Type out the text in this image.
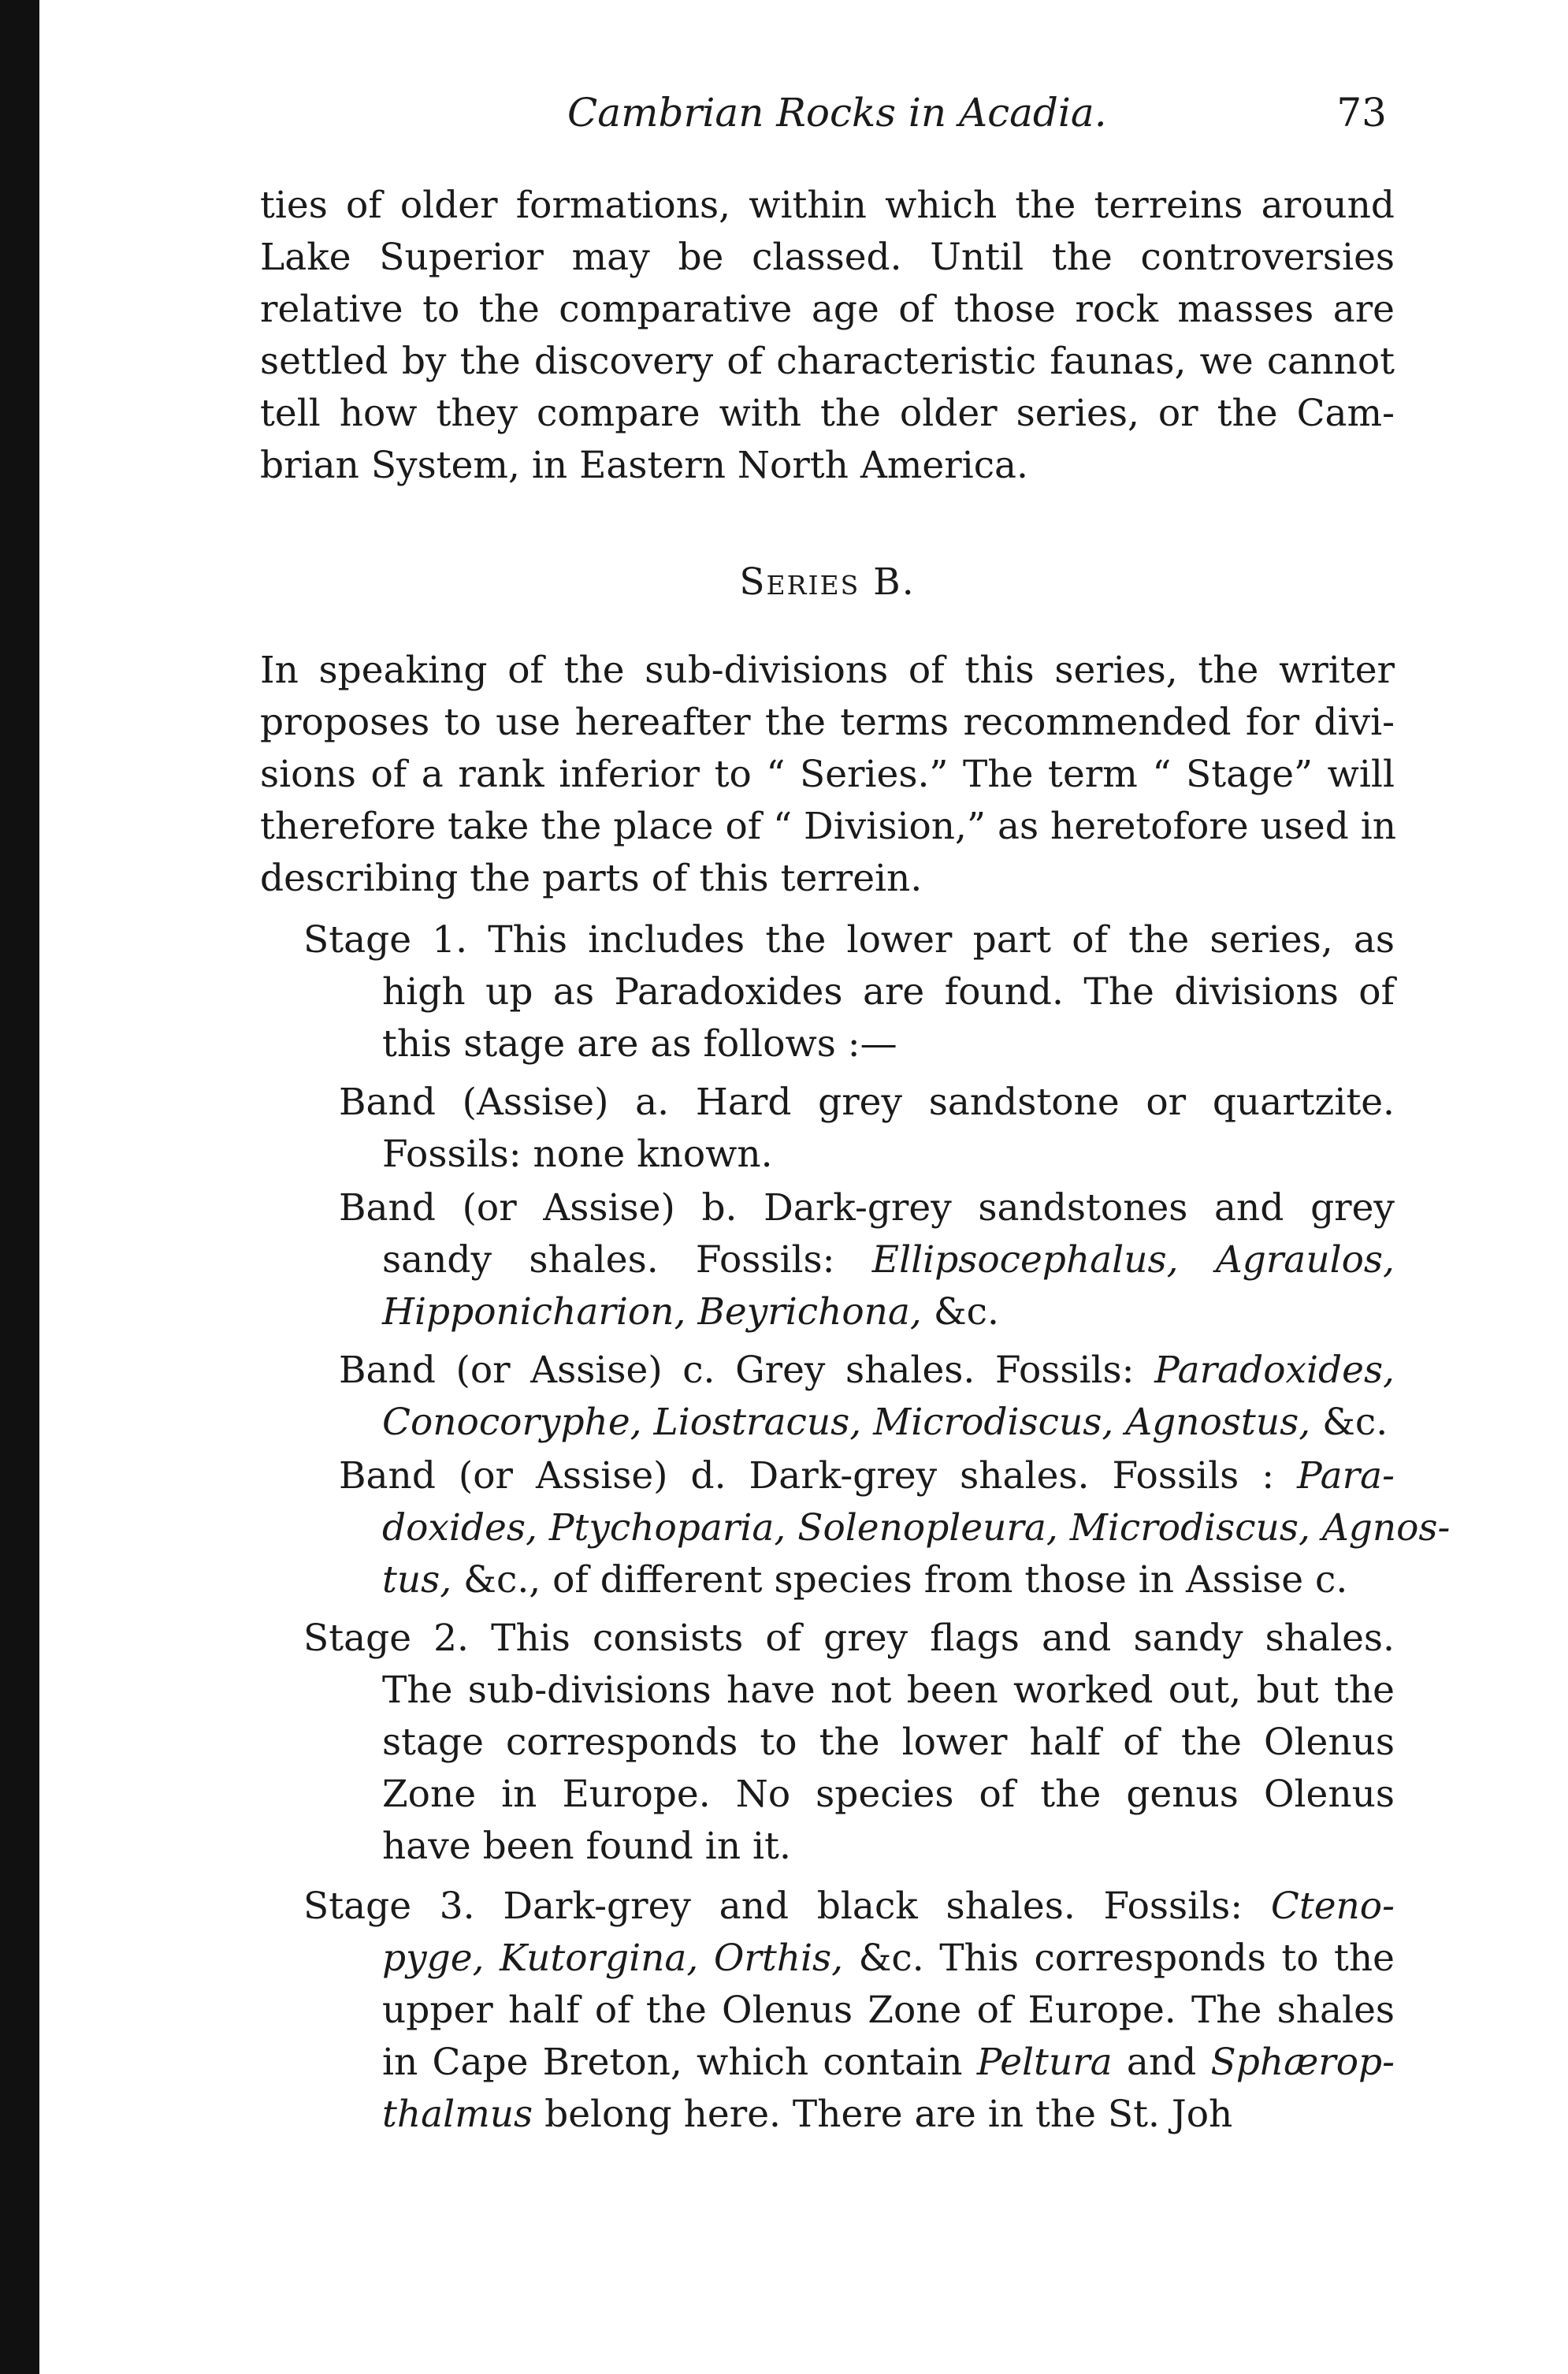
Cambrian Rocks in Acadia.	73
ties of older formations, within which the terreins around
Lake Superior may be classed. Until the controversies
relative to the comparative age of those rock masses are
settled by the discovery of characteristic faunas, we cannot
tell how they compare with the older series, or the Cam-
brian System, in Eastern North America.
Series B.
In speaking of the sub-divisions of this series, the writer
proposes to use hereafter the terms recommended for divi-
sions of a rank inferior to “ Series.” The term “ Stage” will
therefore take the place of “ Division,” as heretofore used in
describing the parts of this terrein.
Stage 1. This includes the lower part of the series, as
high up as Paradoxides are found. The divisions of
this stage are as follows :—
Band (Assise) a. Hard grey sandstone or quartzite.
Fossils: none known.
Band (or Assise) b. Dark-grey sandstones and grey
sandy shales. Fossils: Ellipsocephalus, Agraulos,
Hipponicharion, Beyrichona, &c.
Band (or Assise) c. Grey shales. Fossils: Paradoxides,
Conocoryphe, Liostracus, Microdiscus, Agnostus, &c.
Band (or Assise) d. Dark-grey shales. Fossils : Para-
doxides, Ptychoparia, Solenopleura, Microdiscus, Agnos-
tus, &c., of different species from those in Assise c.
Stage 2. This consists of grey flags and sandy shales.
The sub-divisions have not been worked out, but the
stage corresponds to the lower half of the Olenus
Zone in Europe. No species of the genus Olenus
have been found in it.
Stage 3. Dark-grey and black shales. Fossils: Cteno-
pyge, Kutorgina, Orthis, &c. This corresponds to the
upper half of the Olenus Zone of Europe. The shales
in Cape Breton, which contain Peltura and Sphærop-
thalmus belong here. There are in the St. Joh
